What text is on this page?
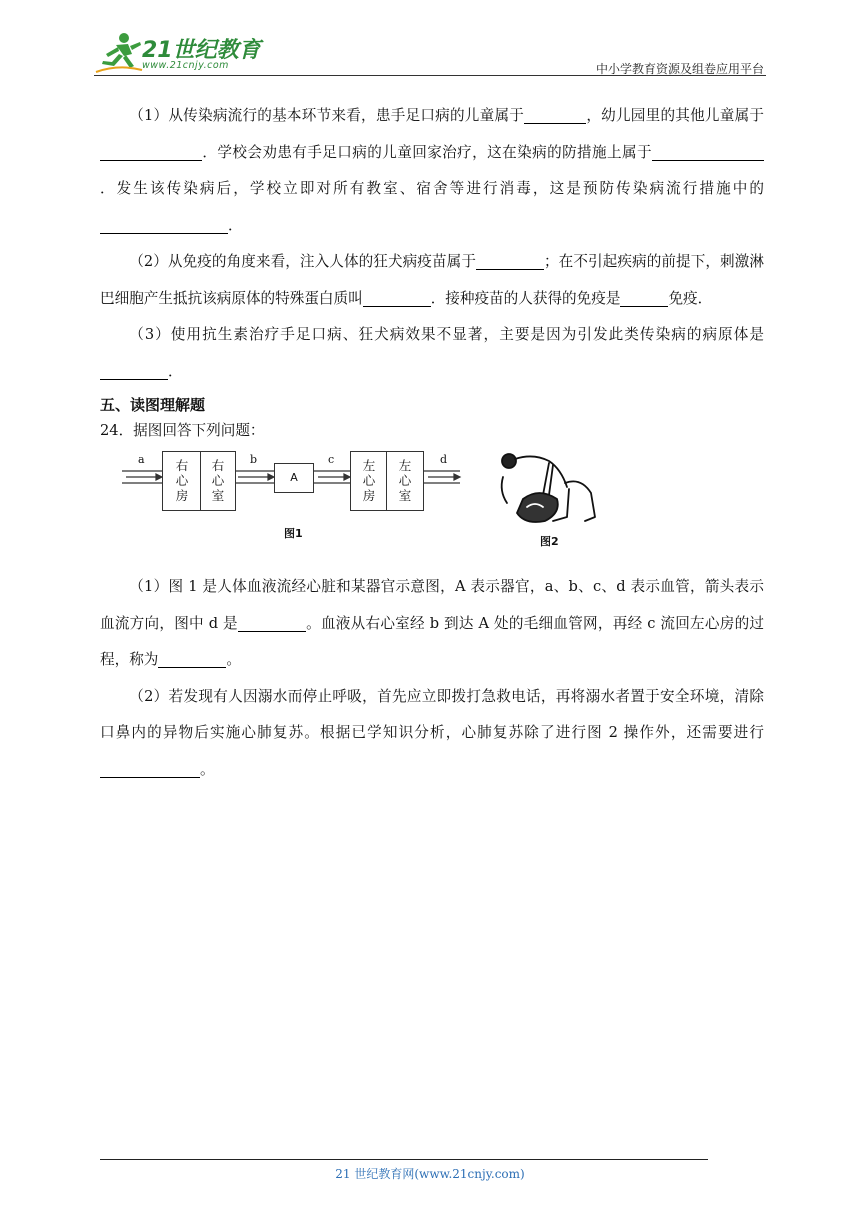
21世纪教育
www.21cnjy.com	中小学教育资源及组卷应用平台

（1）从传染病流行的基本环节来看，患手足口病的儿童属于	，幼儿园里的其他儿童属于．学校会劝患有手足口病的儿童回家治疗，这在染病的防措施上属于．发生该传染病后，学校立即对所有教室、宿舍等进行消毒，这是预防传染病流行措施中的．

（2）从免疫的角度来看，注入人体的狂犬病疫苗属于	；在不引起疾病的前提下，刺激淋巴细胞产生抵抗该病原体的特殊蛋白质叫	．接种疫苗的人获得的免疫是	免疫．

（3）使用抗生素治疗手足口病、狂犬病效果不显著，主要是因为引发此类传染病的病原体是．

五、读图理解题
24．据图回答下列问题：
a	b	c	d
右心房
右心室
A
左心房
左心室
图1
图2

（1）图 1 是人体血液流经心脏和某器官示意图，A 表示器官，a、b、c、d 表示血管，箭头表示血流方向，图中 d 是	。血液从右心室经 b 到达 A 处的毛细血管网，再经 c 流回左心房的过程，称为	。

（2）若发现有人因溺水而停止呼吸，首先应立即拨打急救电话，再将溺水者置于安全环境，清除口鼻内的异物后实施心肺复苏。根据已学知识分析，心肺复苏除了进行图 2 操作外，还需要进行。

21 世纪教育网(www.21cnjy.com)
